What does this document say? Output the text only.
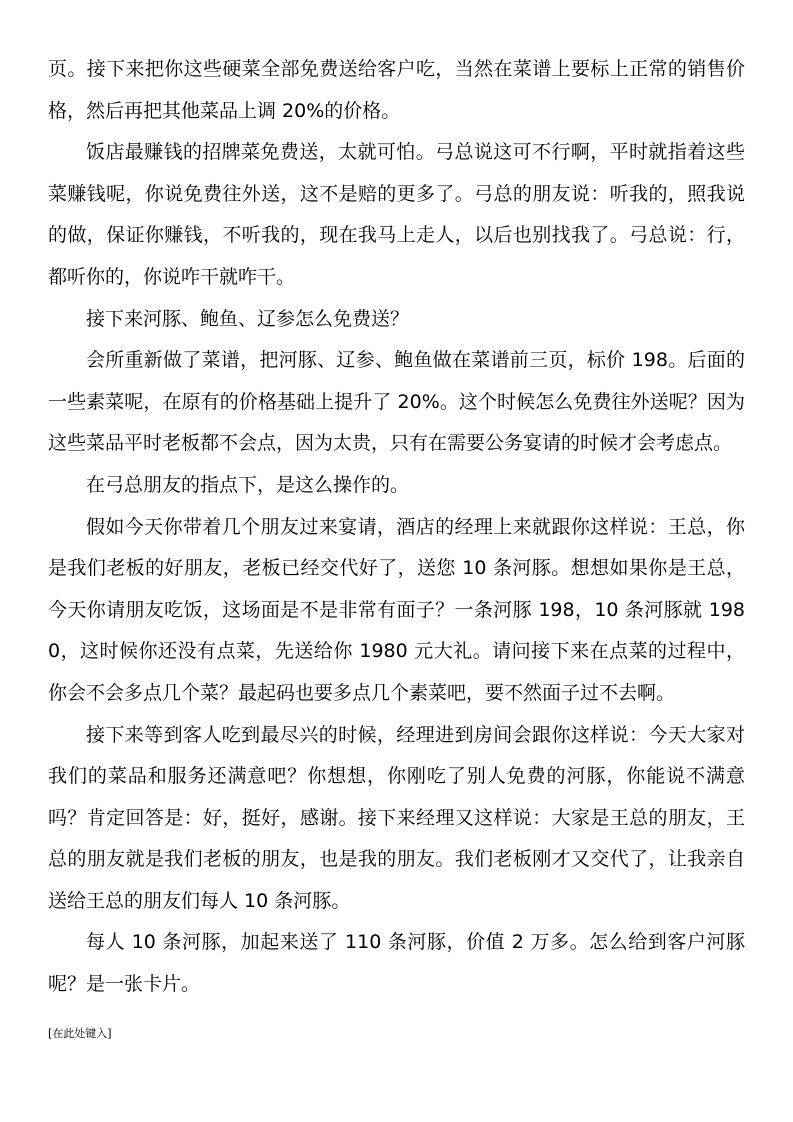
页。接下来把你这些硬菜全部免费送给客户吃，当然在菜谱上要标上正常的销售价格，然后再把其他菜品上调 20%的价格。

饭店最赚钱的招牌菜免费送，太就可怕。弓总说这可不行啊，平时就指着这些菜赚钱呢，你说免费往外送，这不是赔的更多了。弓总的朋友说：听我的，照我说的做，保证你赚钱，不听我的，现在我马上走人，以后也别找我了。弓总说：行，都听你的，你说咋干就咋干。

接下来河豚、鲍鱼、辽参怎么免费送？

会所重新做了菜谱，把河豚、辽参、鲍鱼做在菜谱前三页，标价 198。后面的一些素菜呢，在原有的价格基础上提升了 20%。这个时候怎么免费往外送呢？因为这些菜品平时老板都不会点，因为太贵，只有在需要公务宴请的时候才会考虑点。

在弓总朋友的指点下，是这么操作的。

假如今天你带着几个朋友过来宴请，酒店的经理上来就跟你这样说：王总，你是我们老板的好朋友，老板已经交代好了，送您 10 条河豚。想想如果你是王总，今天你请朋友吃饭，这场面是不是非常有面子？一条河豚 198，10 条河豚就 1980，这时候你还没有点菜，先送给你 1980 元大礼。请问接下来在点菜的过程中，你会不会多点几个菜？最起码也要多点几个素菜吧，要不然面子过不去啊。

接下来等到客人吃到最尽兴的时候，经理进到房间会跟你这样说：今天大家对我们的菜品和服务还满意吧？你想想，你刚吃了别人免费的河豚，你能说不满意吗？肯定回答是：好，挺好，感谢。接下来经理又这样说：大家是王总的朋友，王总的朋友就是我们老板的朋友，也是我的朋友。我们老板刚才又交代了，让我亲自送给王总的朋友们每人 10 条河豚。

每人 10 条河豚，加起来送了 110 条河豚，价值 2 万多。怎么给到客户河豚呢？是一张卡片。

[在此处键入]
